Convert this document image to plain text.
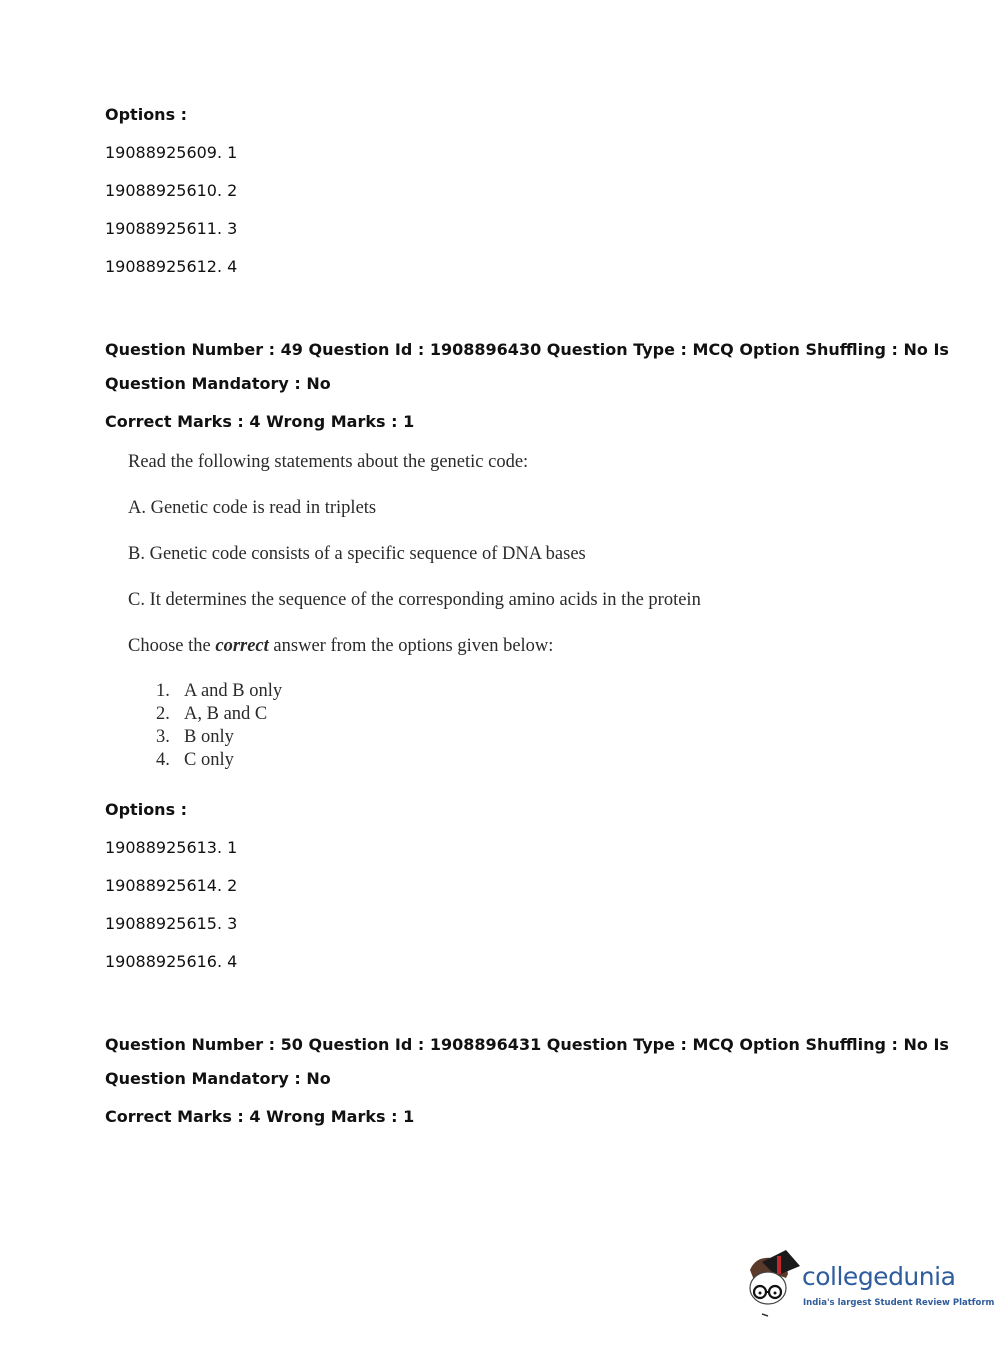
Options :
19088925609. 1
19088925610. 2
19088925611. 3
19088925612. 4
Question Number : 49 Question Id : 1908896430 Question Type : MCQ Option Shuffling : No Is
Question Mandatory : No
Correct Marks : 4 Wrong Marks : 1
Read the following statements about the genetic code:
A. Genetic code is read in triplets
B. Genetic code consists of a specific sequence of DNA bases
C. It determines the sequence of the corresponding amino acids in the protein
Choose the correct answer from the options given below:
1. A and B only
2. A, B and C
3. B only
4. C only
Options :
19088925613. 1
19088925614. 2
19088925615. 3
19088925616. 4
Question Number : 50 Question Id : 1908896431 Question Type : MCQ Option Shuffling : No Is
Question Mandatory : No
Correct Marks : 4 Wrong Marks : 1
collegedunia
India's largest Student Review Platform
